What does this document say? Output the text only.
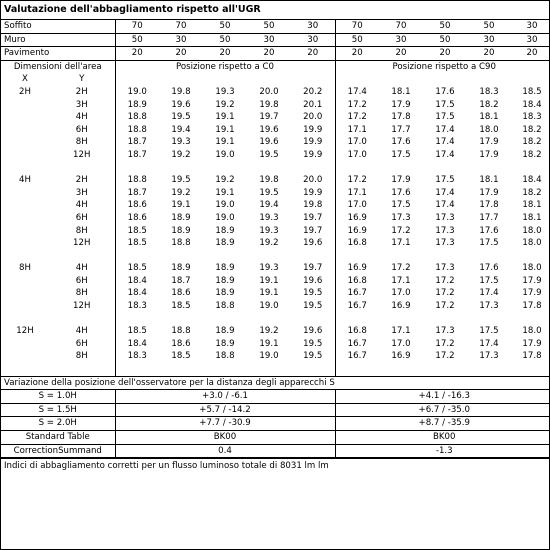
Valutazione dell'abbagliamento rispetto all'UGR
Soffito		70	70	50	50	30	70	70	50	50	30
Muro		50	30	50	30	30	50	30	50	30	30
Pavimento		20	20	20	20	20	20	20	20	20	20
Dimensioni dell'area		Posizione rispetto a C0					Posizione rispetto a C90				
X	Y										
2H	2H	19.0	19.8	19.3	20.0	20.2	17.4	18.1	17.6	18.3	18.5
	3H	18.9	19.6	19.2	19.8	20.1	17.2	17.9	17.5	18.2	18.4
	4H	18.8	19.5	19.1	19.7	20.0	17.2	17.8	17.5	18.1	18.3
	6H	18.8	19.4	19.1	19.6	19.9	17.1	17.7	17.4	18.0	18.2
	8H	18.7	19.3	19.1	19.6	19.9	17.0	17.6	17.4	17.9	18.2
	12H	18.7	19.2	19.0	19.5	19.9	17.0	17.5	17.4	17.9	18.2

4H	2H	18.8	19.5	19.2	19.8	20.0	17.2	17.9	17.5	18.1	18.4
	3H	18.7	19.2	19.1	19.5	19.9	17.1	17.6	17.4	17.9	18.2
	4H	18.6	19.1	19.0	19.4	19.8	17.0	17.5	17.4	17.8	18.1
	6H	18.6	18.9	19.0	19.3	19.7	16.9	17.3	17.3	17.7	18.1
	8H	18.5	18.9	18.9	19.3	19.7	16.9	17.2	17.3	17.6	18.0
	12H	18.5	18.8	18.9	19.2	19.6	16.8	17.1	17.3	17.5	18.0

8H	4H	18.5	18.9	18.9	19.3	19.7	16.9	17.2	17.3	17.6	18.0
	6H	18.4	18.7	18.9	19.1	19.6	16.8	17.1	17.2	17.5	17.9
	8H	18.4	18.6	18.9	19.1	19.5	16.7	17.0	17.2	17.4	17.9
	12H	18.3	18.5	18.8	19.0	19.5	16.7	16.9	17.2	17.3	17.8

12H	4H	18.5	18.8	18.9	19.2	19.6	16.8	17.1	17.3	17.5	18.0
	6H	18.4	18.6	18.9	19.1	19.5	16.7	17.0	17.2	17.4	17.9
	8H	18.3	18.5	18.8	19.0	19.5	16.7	16.9	17.2	17.3	17.8

Variazione della posizione dell'osservatore per la distanza degli apparecchi S											
S = 1.0H		+3.0 / -6.1					+4.1 / -16.3				
S = 1.5H		+5.7 / -14.2					+6.7 / -35.0				
S = 2.0H		+7.7 / -30.9					+8.7 / -35.9				
Standard Table		BK00					BK00				
CorrectionSummand		0.4					-1.3				
Indici di abbagliamento corretti per un flusso luminoso totale di 8031 lm lm
